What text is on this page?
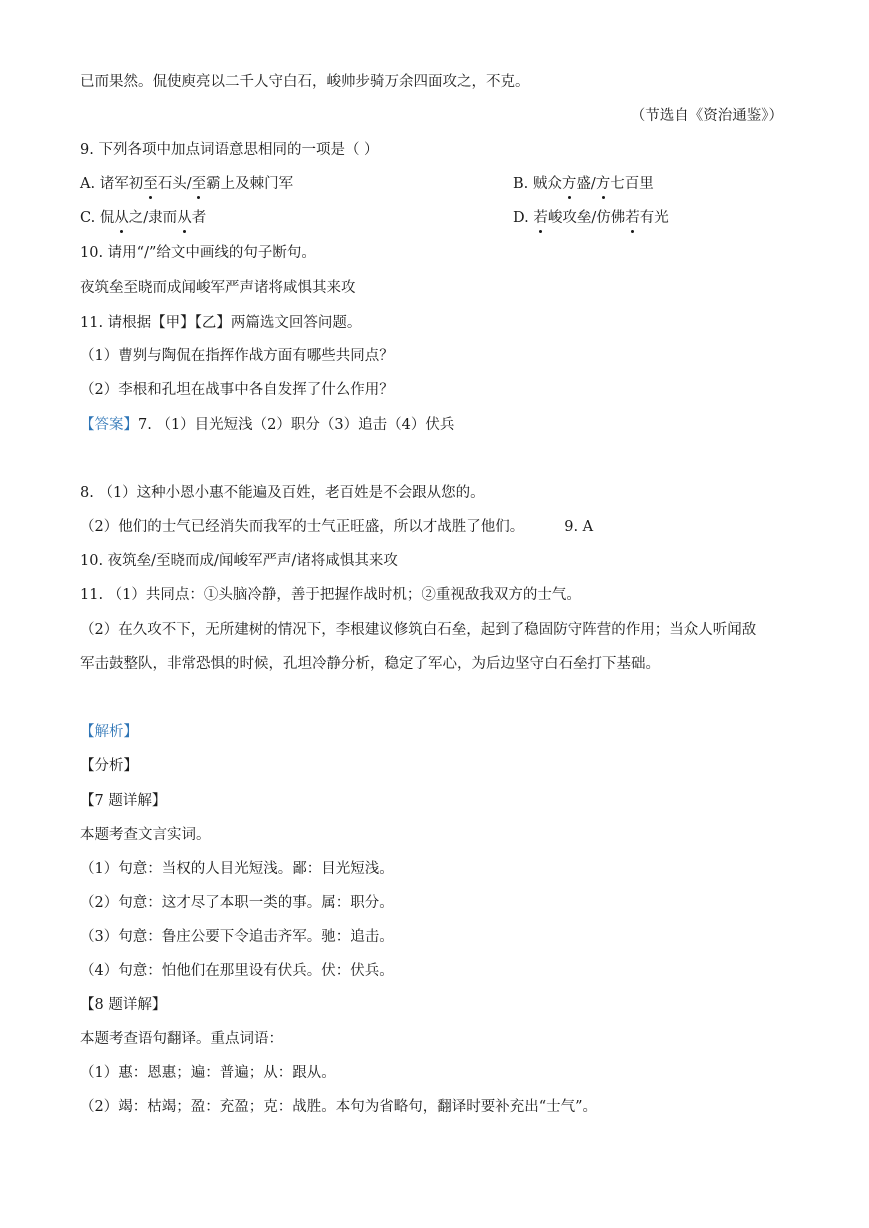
已而果然。侃使庾亮以二千人守白石，峻帅步骑万余四面攻之，不克。
（节选自《资治通鉴》）
9. 下列各项中加点词语意思相同的一项是（ ）
A. 诸军初至石头/至霸上及棘门军	B. 贼众方盛/方七百里
C. 侃从之/隶而从者	D. 若峻攻垒/仿佛若有光
10. 请用“/”给文中画线的句子断句。
夜筑垒至晓而成闻峻军严声诸将咸惧其来攻
11. 请根据【甲】【乙】两篇选文回答问题。
（1）曹刿与陶侃在指挥作战方面有哪些共同点？
（2）李根和孔坦在战事中各自发挥了什么作用？
【答案】7. （1）目光短浅（2）职分（3）追击（4）伏兵
8. （1）这种小恩小惠不能遍及百姓，老百姓是不会跟从您的。
（2）他们的士气已经消失而我军的士气正旺盛，所以才战胜了他们。	9. A
10. 夜筑垒/至晓而成/闻峻军严声/诸将咸惧其来攻
11. （1）共同点：①头脑冷静，善于把握作战时机；②重视敌我双方的士气。
（2）在久攻不下，无所建树的情况下，李根建议修筑白石垒，起到了稳固防守阵营的作用；当众人听闻敌
军击鼓整队，非常恐惧的时候，孔坦冷静分析，稳定了军心，为后边坚守白石垒打下基础。
【解析】
【分析】
【7 题详解】
本题考查文言实词。
（1）句意：当权的人目光短浅。鄙：目光短浅。
（2）句意：这才尽了本职一类的事。属：职分。
（3）句意：鲁庄公要下令追击齐军。驰：追击。
（4）句意：怕他们在那里设有伏兵。伏：伏兵。
【8 题详解】
本题考查语句翻译。重点词语：
（1）惠：恩惠；遍：普遍；从：跟从。
（2）竭：枯竭；盈：充盈；克：战胜。本句为省略句，翻译时要补充出“士气”。
